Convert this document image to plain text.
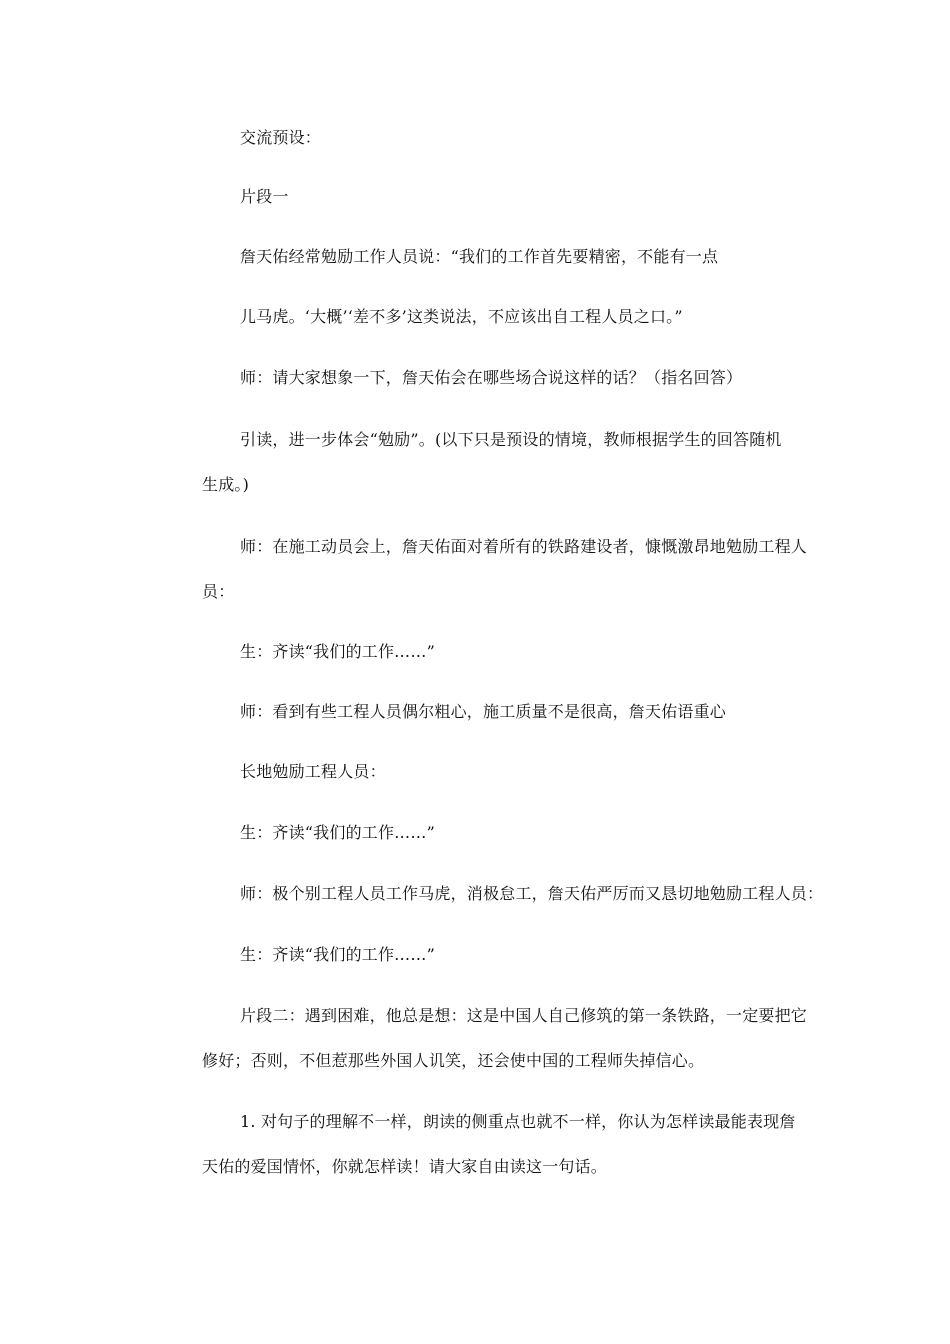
交流预设：
片段一
詹天佑经常勉励工作人员说：“我们的工作首先要精密，不能有一点
儿马虎。‘大概’‘差不多’这类说法，不应该出自工程人员之口。”
师：请大家想象一下，詹天佑会在哪些场合说这样的话？（指名回答）
引读，进一步体会“勉励”。(以下只是预设的情境，教师根据学生的回答随机
生成。)
师：在施工动员会上，詹天佑面对着所有的铁路建设者，慷慨激昂地勉励工程人
员：
生：齐读“我们的工作……”
师：看到有些工程人员偶尔粗心，施工质量不是很高，詹天佑语重心
长地勉励工程人员：
生：齐读“我们的工作……”
师：极个别工程人员工作马虎，消极怠工，詹天佑严厉而又恳切地勉励工程人员：
生：齐读“我们的工作……”
片段二：遇到困难，他总是想：这是中国人自己修筑的第一条铁路，一定要把它
修好；否则，不但惹那些外国人讥笑，还会使中国的工程师失掉信心。
1. 对句子的理解不一样，朗读的侧重点也就不一样，你认为怎样读最能表现詹
天佑的爱国情怀，你就怎样读！请大家自由读这一句话。
